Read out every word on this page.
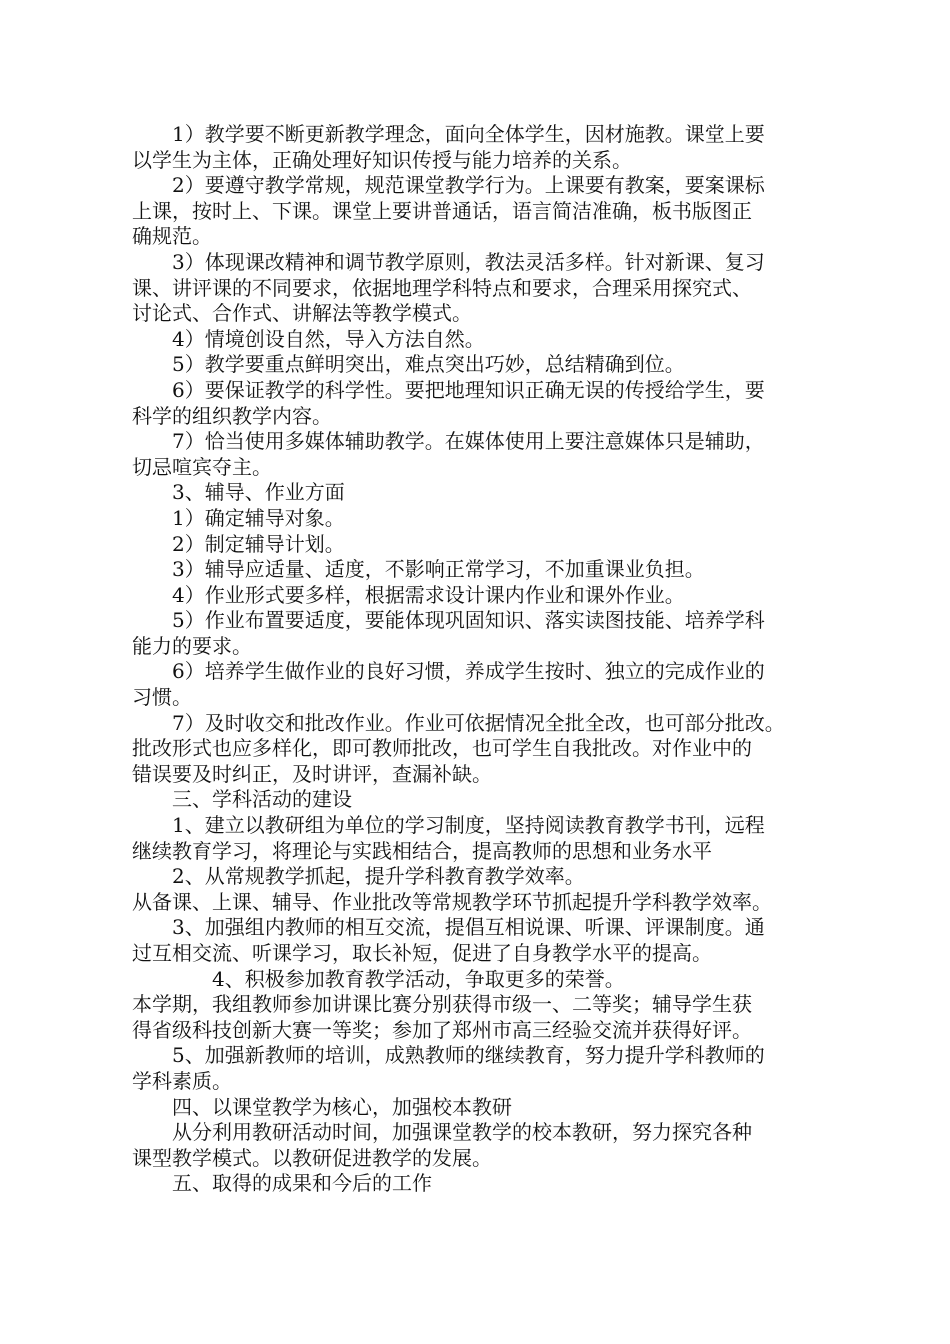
1）教学要不断更新教学理念，面向全体学生，因材施教。课堂上要
以学生为主体，正确处理好知识传授与能力培养的关系。
2）要遵守教学常规，规范课堂教学行为。上课要有教案，要案课标
上课，按时上、下课。课堂上要讲普通话，语言简洁准确，板书版图正
确规范。
3）体现课改精神和调节教学原则，教法灵活多样。针对新课、复习
课、讲评课的不同要求，依据地理学科特点和要求，合理采用探究式、
讨论式、合作式、讲解法等教学模式。
4）情境创设自然，导入方法自然。
5）教学要重点鲜明突出，难点突出巧妙，总结精确到位。
6）要保证教学的科学性。要把地理知识正确无误的传授给学生，要
科学的组织教学内容。
7）恰当使用多媒体辅助教学。在媒体使用上要注意媒体只是辅助，
切忌喧宾夺主。
3、辅导、作业方面
1）确定辅导对象。
2）制定辅导计划。
3）辅导应适量、适度，不影响正常学习，不加重课业负担。
4）作业形式要多样，根据需求设计课内作业和课外作业。
5）作业布置要适度，要能体现巩固知识、落实读图技能、培养学科
能力的要求。
6）培养学生做作业的良好习惯，养成学生按时、独立的完成作业的
习惯。
7）及时收交和批改作业。作业可依据情况全批全改，也可部分批改。
批改形式也应多样化，即可教师批改，也可学生自我批改。对作业中的
错误要及时纠正，及时讲评，查漏补缺。
三、学科活动的建设
1、建立以教研组为单位的学习制度，坚持阅读教育教学书刊，远程
继续教育学习，将理论与实践相结合，提高教师的思想和业务水平
2、从常规教学抓起，提升学科教育教学效率。
从备课、上课、辅导、作业批改等常规教学环节抓起提升学科教学效率。
3、加强组内教师的相互交流，提倡互相说课、听课、评课制度。通
过互相交流、听课学习，取长补短，促进了自身教学水平的提高。
4、积极参加教育教学活动，争取更多的荣誉。
本学期，我组教师参加讲课比赛分别获得市级一、二等奖；辅导学生获
得省级科技创新大赛一等奖；参加了郑州市高三经验交流并获得好评。
5、加强新教师的培训，成熟教师的继续教育，努力提升学科教师的
学科素质。
四、以课堂教学为核心，加强校本教研
从分利用教研活动时间，加强课堂教学的校本教研，努力探究各种
课型教学模式。以教研促进教学的发展。
五、取得的成果和今后的工作
